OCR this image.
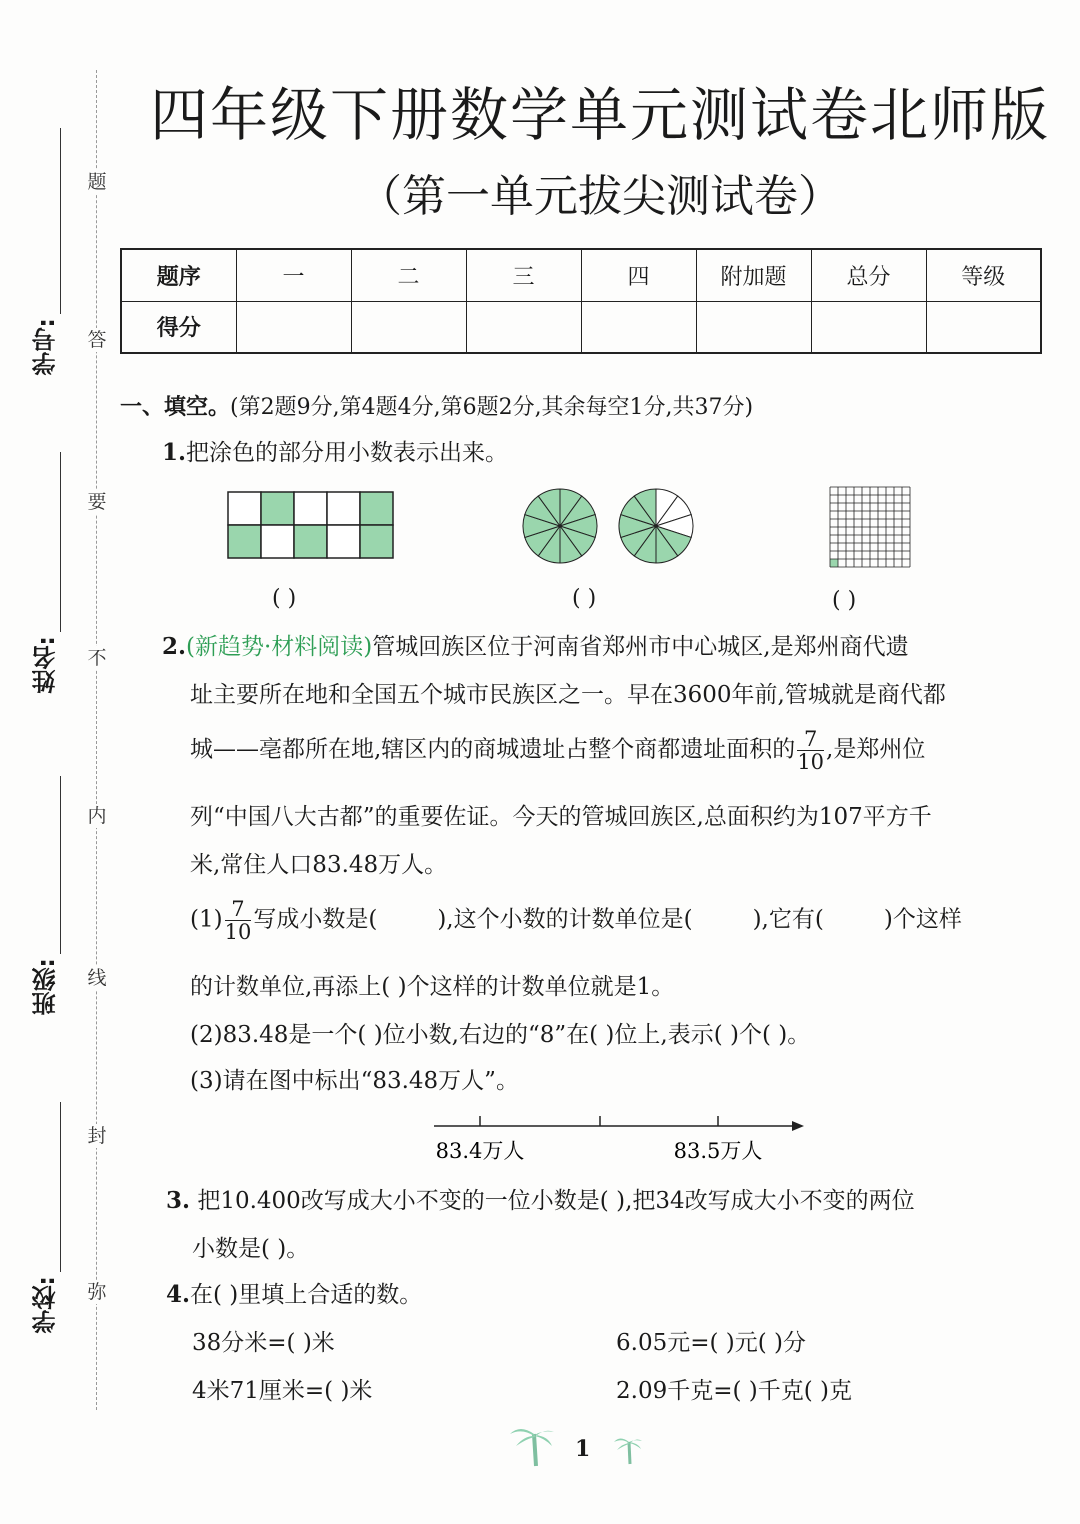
题
答
要
不
内
线
封
弥
学号:
姓名:
班级:
学校:
四年级下册数学单元测试卷北师版
（第一单元拔尖测试卷）
题序	一	二	三	四	附加题	总分	等级
得分							
一、填空。(第2题9分,第4题4分,第6题2分,其余每空1分,共37分)
1.把涂色的部分用小数表示出来。
( )	( )	( )
2.(新趋势·材料阅读)管城回族区位于河南省郑州市中心城区,是郑州商代遗
址主要所在地和全国五个城市民族区之一。早在3600年前,管城就是商代都
城——亳都所在地,辖区内的商城遗址占整个商都遗址面积的 $\frac{7}{10}$ ,是郑州位
列“中国八大古都”的重要佐证。今天的管城回族区,总面积约为107平方千
米,常住人口83.48万人。
$(1) \frac{7}{10}$ 写成小数是(	),这个小数的计数单位是(	),它有(	)个这样
的计数单位,再添上( )个这样的计数单位就是1。
(2)83.48是一个( )位小数,右边的“8”在( )位上,表示( )个( )。
(3)请在图中标出“83.48万人”。
83.4万人	83.5万人
3. 把10.400改写成大小不变的一位小数是( ),把34改写成大小不变的两位
小数是( )。
4.在( )里填上合适的数。
38分米=( )米	6.05元=( )元( )分
4米71厘米=( )米	2.09千克=( )千克( )克
1
